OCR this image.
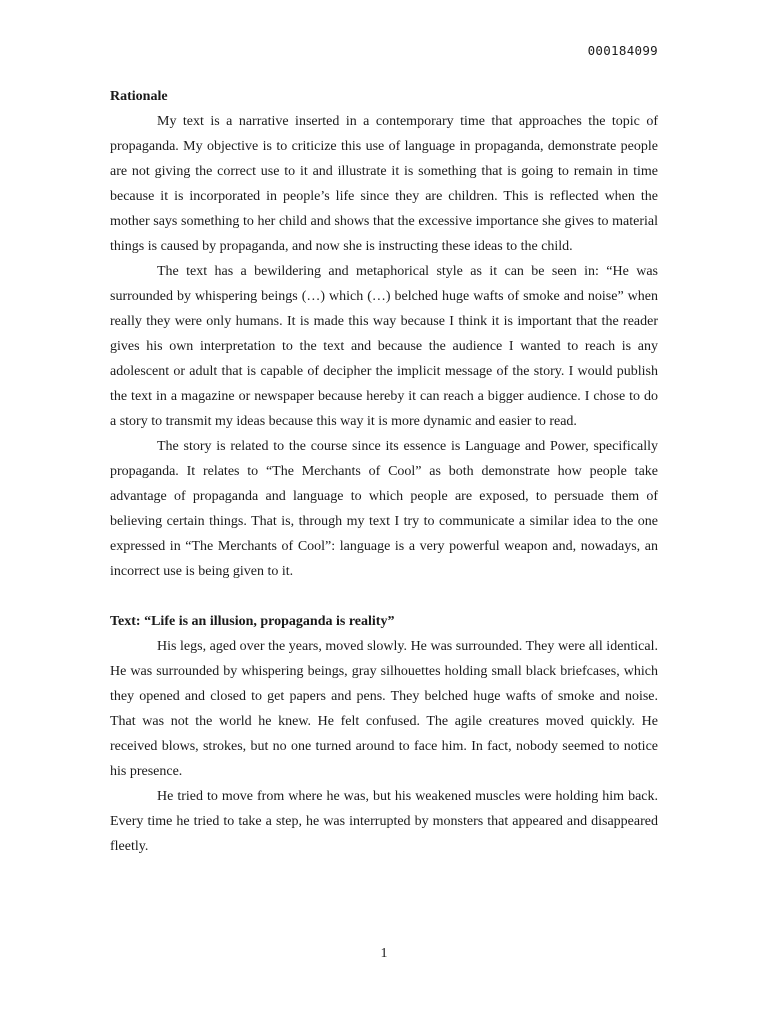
000184099

Rationale

My text is a narrative inserted in a contemporary time that approaches the topic of propaganda. My objective is to criticize this use of language in propaganda, demonstrate people are not giving the correct use to it and illustrate it is something that is going to remain in time because it is incorporated in people’s life since they are children. This is reflected when the mother says something to her child and shows that the excessive importance she gives to material things is caused by propaganda, and now she is instructing these ideas to the child.

The text has a bewildering and metaphorical style as it can be seen in: “He was surrounded by whispering beings (…) which (…) belched huge wafts of smoke and noise” when really they were only humans. It is made this way because I think it is important that the reader gives his own interpretation to the text and because the audience I wanted to reach is any adolescent or adult that is capable of decipher the implicit message of the story. I would publish the text in a magazine or newspaper because hereby it can reach a bigger audience. I chose to do a story to transmit my ideas because this way it is more dynamic and easier to read.

The story is related to the course since its essence is Language and Power, specifically propaganda. It relates to “The Merchants of Cool” as both demonstrate how people take advantage of propaganda and language to which people are exposed, to persuade them of believing certain things. That is, through my text I try to communicate a similar idea to the one expressed in “The Merchants of Cool”: language is a very powerful weapon and, nowadays, an incorrect use is being given to it.

Text: “Life is an illusion, propaganda is reality”

His legs, aged over the years, moved slowly. He was surrounded. They were all identical. He was surrounded by whispering beings, gray silhouettes holding small black briefcases, which they opened and closed to get papers and pens. They belched huge wafts of smoke and noise. That was not the world he knew. He felt confused. The agile creatures moved quickly. He received blows, strokes, but no one turned around to face him. In fact, nobody seemed to notice his presence.

He tried to move from where he was, but his weakened muscles were holding him back. Every time he tried to take a step, he was interrupted by monsters that appeared and disappeared fleetly.

1
